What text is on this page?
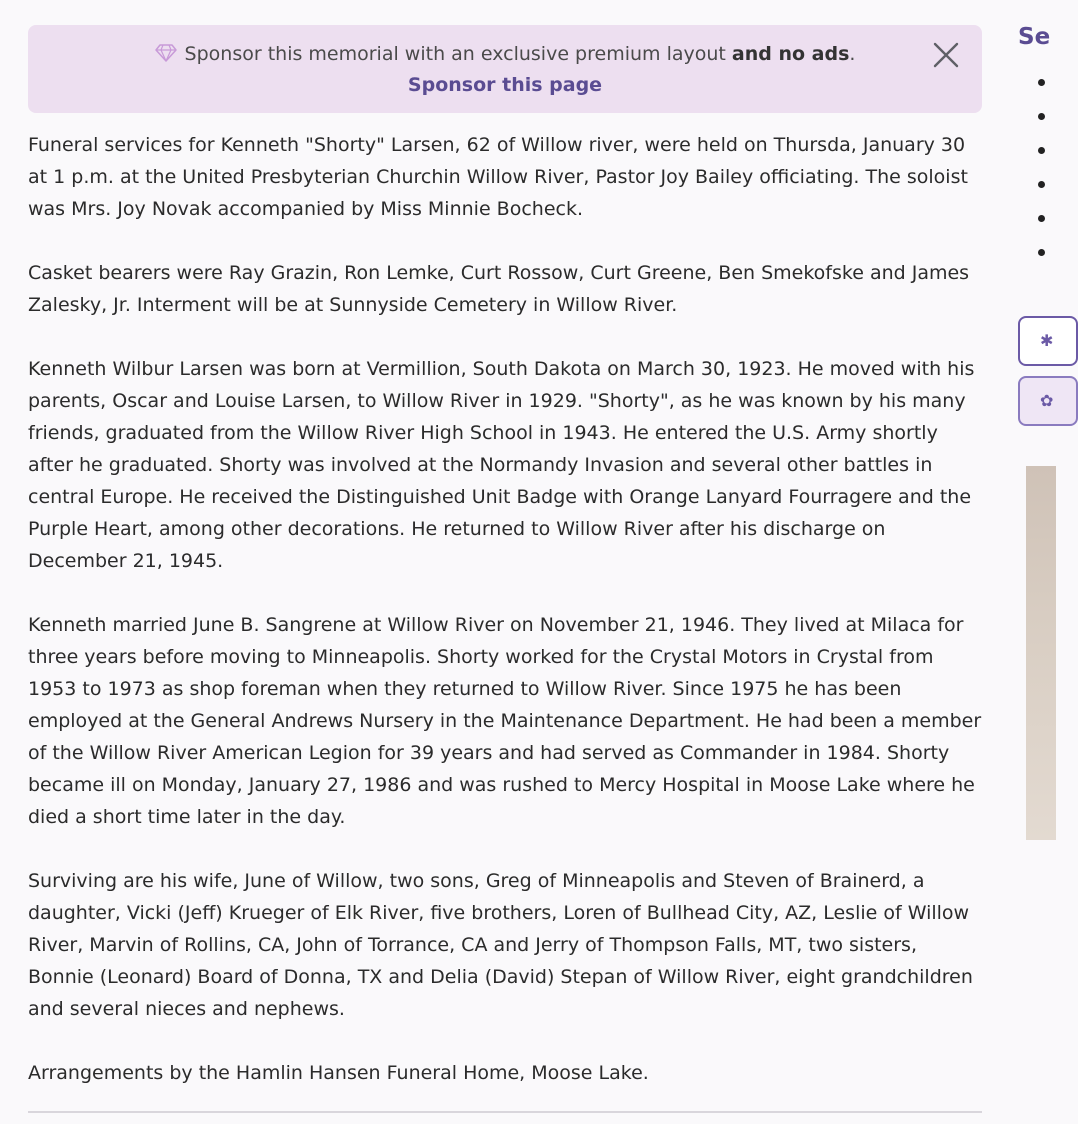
Sponsor this memorial with an exclusive premium layout and no ads.
Sponsor this page

Funeral services for Kenneth "Shorty" Larsen, 62 of Willow river, were held on Thursda, January 30 at 1 p.m. at the United Presbyterian Churchin Willow River, Pastor Joy Bailey officiating. The soloist was Mrs. Joy Novak accompanied by Miss Minnie Bocheck.

Casket bearers were Ray Grazin, Ron Lemke, Curt Rossow, Curt Greene, Ben Smekofske and James Zalesky, Jr. Interment will be at Sunnyside Cemetery in Willow River.

Kenneth Wilbur Larsen was born at Vermillion, South Dakota on March 30, 1923. He moved with his parents, Oscar and Louise Larsen, to Willow River in 1929. "Shorty", as he was known by his many friends, graduated from the Willow River High School in 1943. He entered the U.S. Army shortly after he graduated. Shorty was involved at the Normandy Invasion and several other battles in central Europe. He received the Distinguished Unit Badge with Orange Lanyard Fourragere and the Purple Heart, among other decorations. He returned to Willow River after his discharge on December 21, 1945.

Kenneth married June B. Sangrene at Willow River on November 21, 1946. They lived at Milaca for three years before moving to Minneapolis. Shorty worked for the Crystal Motors in Crystal from 1953 to 1973 as shop foreman when they returned to Willow River. Since 1975 he has been employed at the General Andrews Nursery in the Maintenance Department. He had been a member of the Willow River American Legion for 39 years and had served as Commander in 1984. Shorty became ill on Monday, January 27, 1986 and was rushed to Mercy Hospital in Moose Lake where he died a short time later in the day.

Surviving are his wife, June of Willow, two sons, Greg of Minneapolis and Steven of Brainerd, a daughter, Vicki (Jeff) Krueger of Elk River, five brothers, Loren of Bullhead City, AZ, Leslie of Willow River, Marvin of Rollins, CA, John of Torrance, CA and Jerry of Thompson Falls, MT, two sisters, Bonnie (Leonard) Board of Donna, TX and Delia (David) Stepan of Willow River, eight grandchildren and several nieces and nephews.

Arrangements by the Hamlin Hansen Funeral Home, Moose Lake.

Se
✱
✿
